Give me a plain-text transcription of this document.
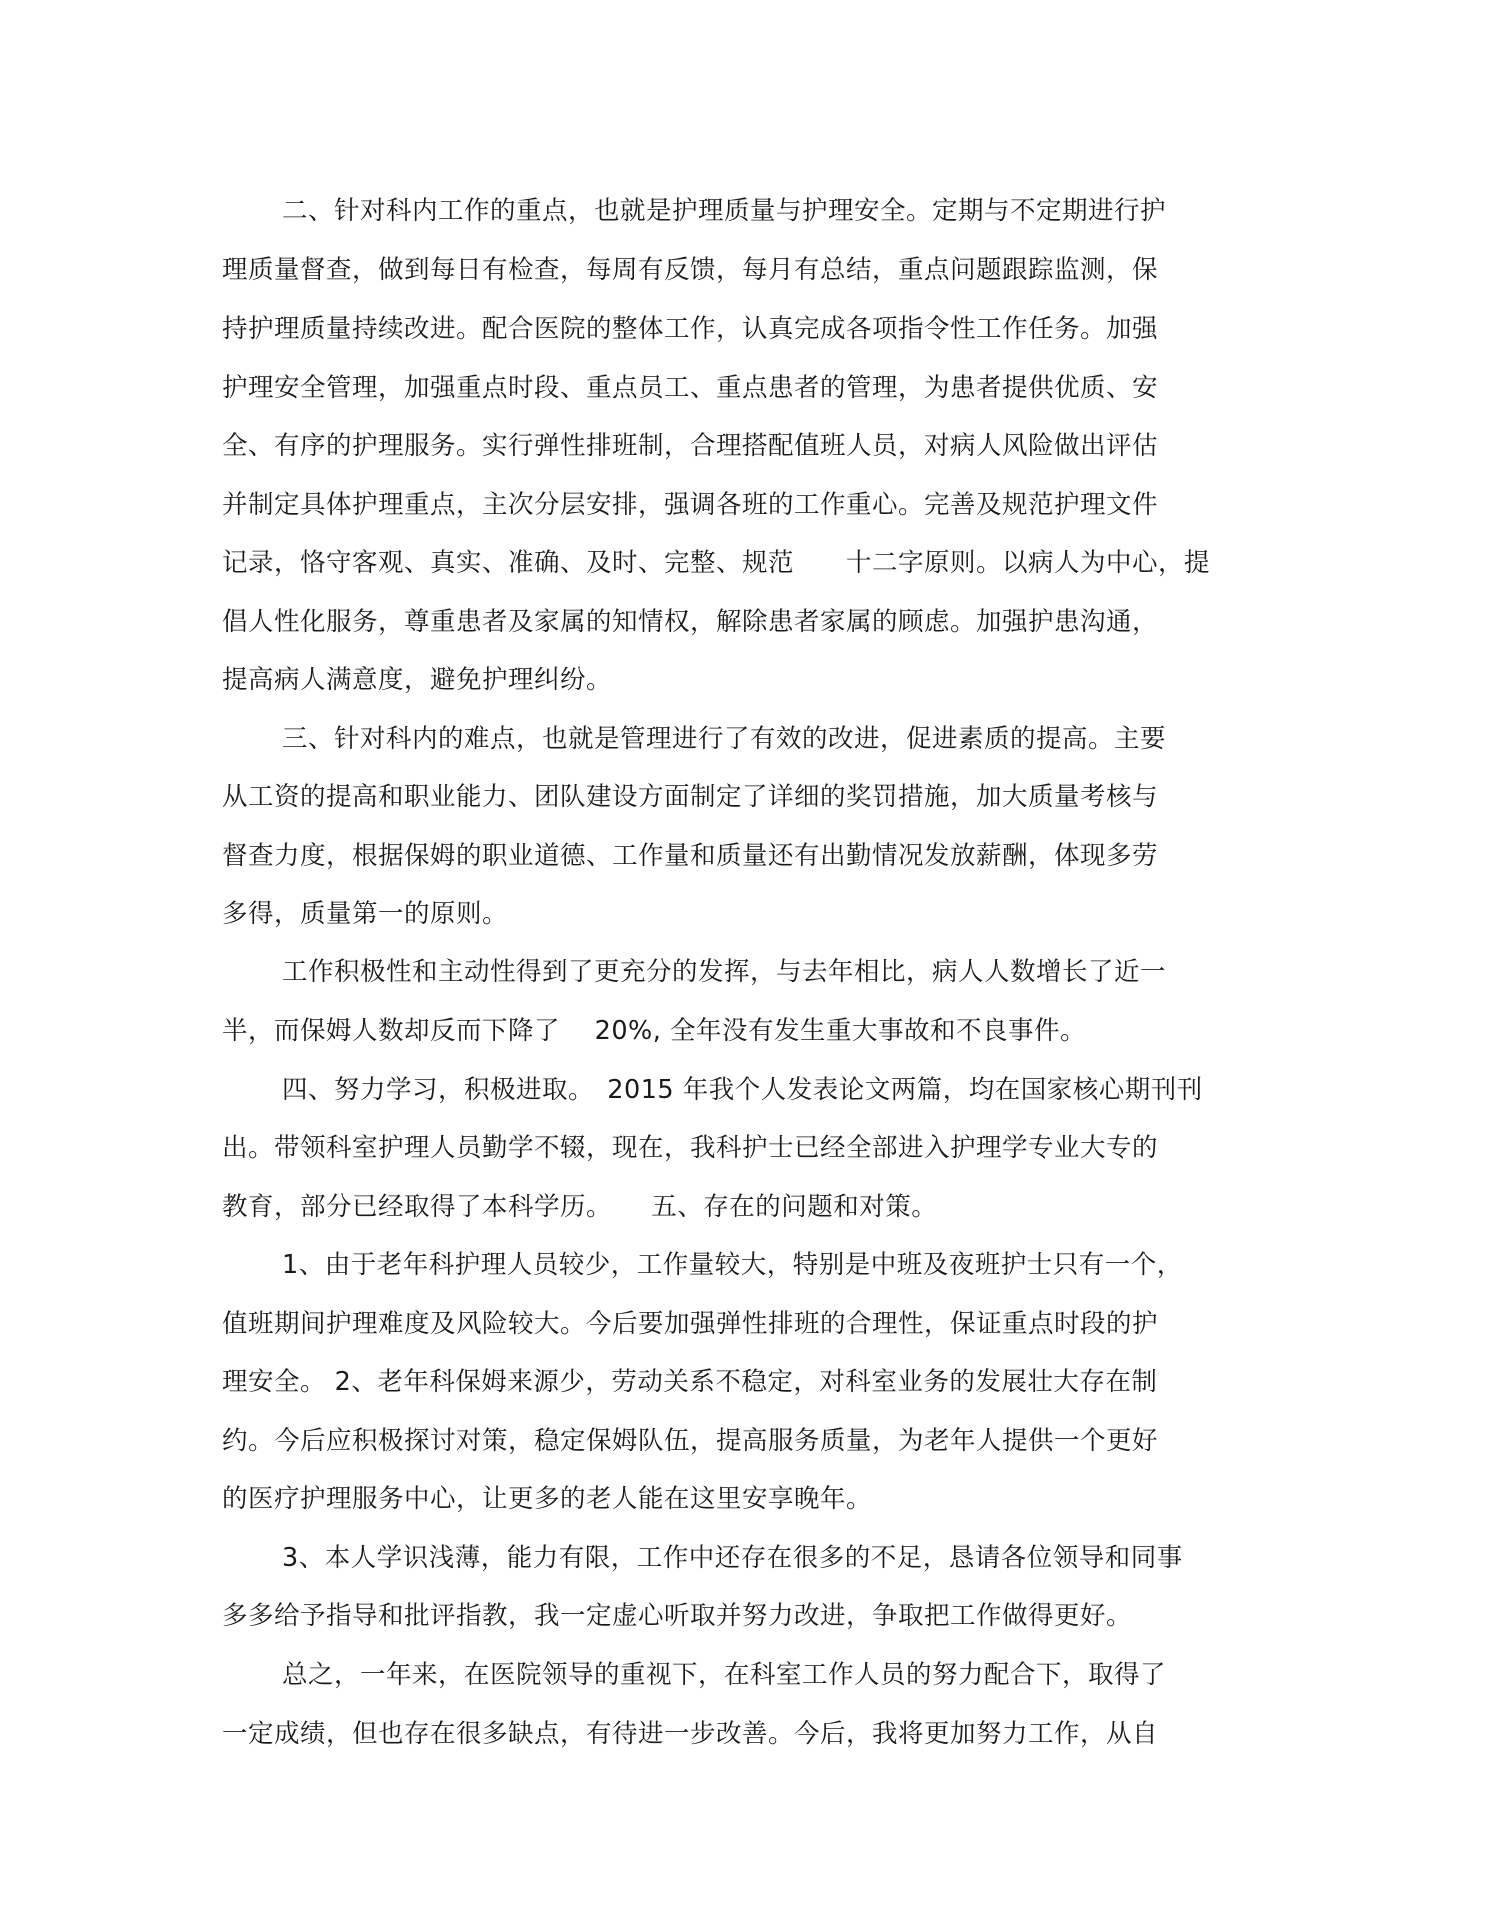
二、针对科内工作的重点，也就是护理质量与护理安全。定期与不定期进行护
理质量督查，做到每日有检查，每周有反馈，每月有总结，重点问题跟踪监测，保
持护理质量持续改进。配合医院的整体工作，认真完成各项指令性工作任务。加强
护理安全管理，加强重点时段、重点员工、重点患者的管理，为患者提供优质、安
全、有序的护理服务。实行弹性排班制，合理搭配值班人员，对病人风险做出评估
并制定具体护理重点，主次分层安排，强调各班的工作重心。完善及规范护理文件
记录，恪守客观、真实、准确、及时、完整、规范　　十二字原则。以病人为中心，提
倡人性化服务，尊重患者及家属的知情权，解除患者家属的顾虑。加强护患沟通，
提高病人满意度，避免护理纠纷。
三、针对科内的难点，也就是管理进行了有效的改进，促进素质的提高。主要
从工资的提高和职业能力、团队建设方面制定了详细的奖罚措施，加大质量考核与
督查力度，根据保姆的职业道德、工作量和质量还有出勤情况发放薪酬，体现多劳
多得，质量第一的原则。
工作积极性和主动性得到了更充分的发挥，与去年相比，病人人数增长了近一
半，而保姆人数却反而下降了　 20%, 全年没有发生重大事故和不良事件。
四、努力学习，积极进取。　2015 年我个人发表论文两篇，均在国家核心期刊刊
出。带领科室护理人员勤学不辍，现在，我科护士已经全部进入护理学专业大专的
教育，部分已经取得了本科学历。　　五、存在的问题和对策。
1、由于老年科护理人员较少，工作量较大，特别是中班及夜班护士只有一个，
值班期间护理难度及风险较大。今后要加强弹性排班的合理性，保证重点时段的护
理安全。 2、老年科保姆来源少，劳动关系不稳定，对科室业务的发展壮大存在制
约。今后应积极探讨对策，稳定保姆队伍，提高服务质量，为老年人提供一个更好
的医疗护理服务中心，让更多的老人能在这里安享晚年。
3、本人学识浅薄，能力有限，工作中还存在很多的不足，恳请各位领导和同事
多多给予指导和批评指教，我一定虚心听取并努力改进，争取把工作做得更好。
总之，一年来，在医院领导的重视下，在科室工作人员的努力配合下，取得了
一定成绩，但也存在很多缺点，有待进一步改善。今后，我将更加努力工作，从自
